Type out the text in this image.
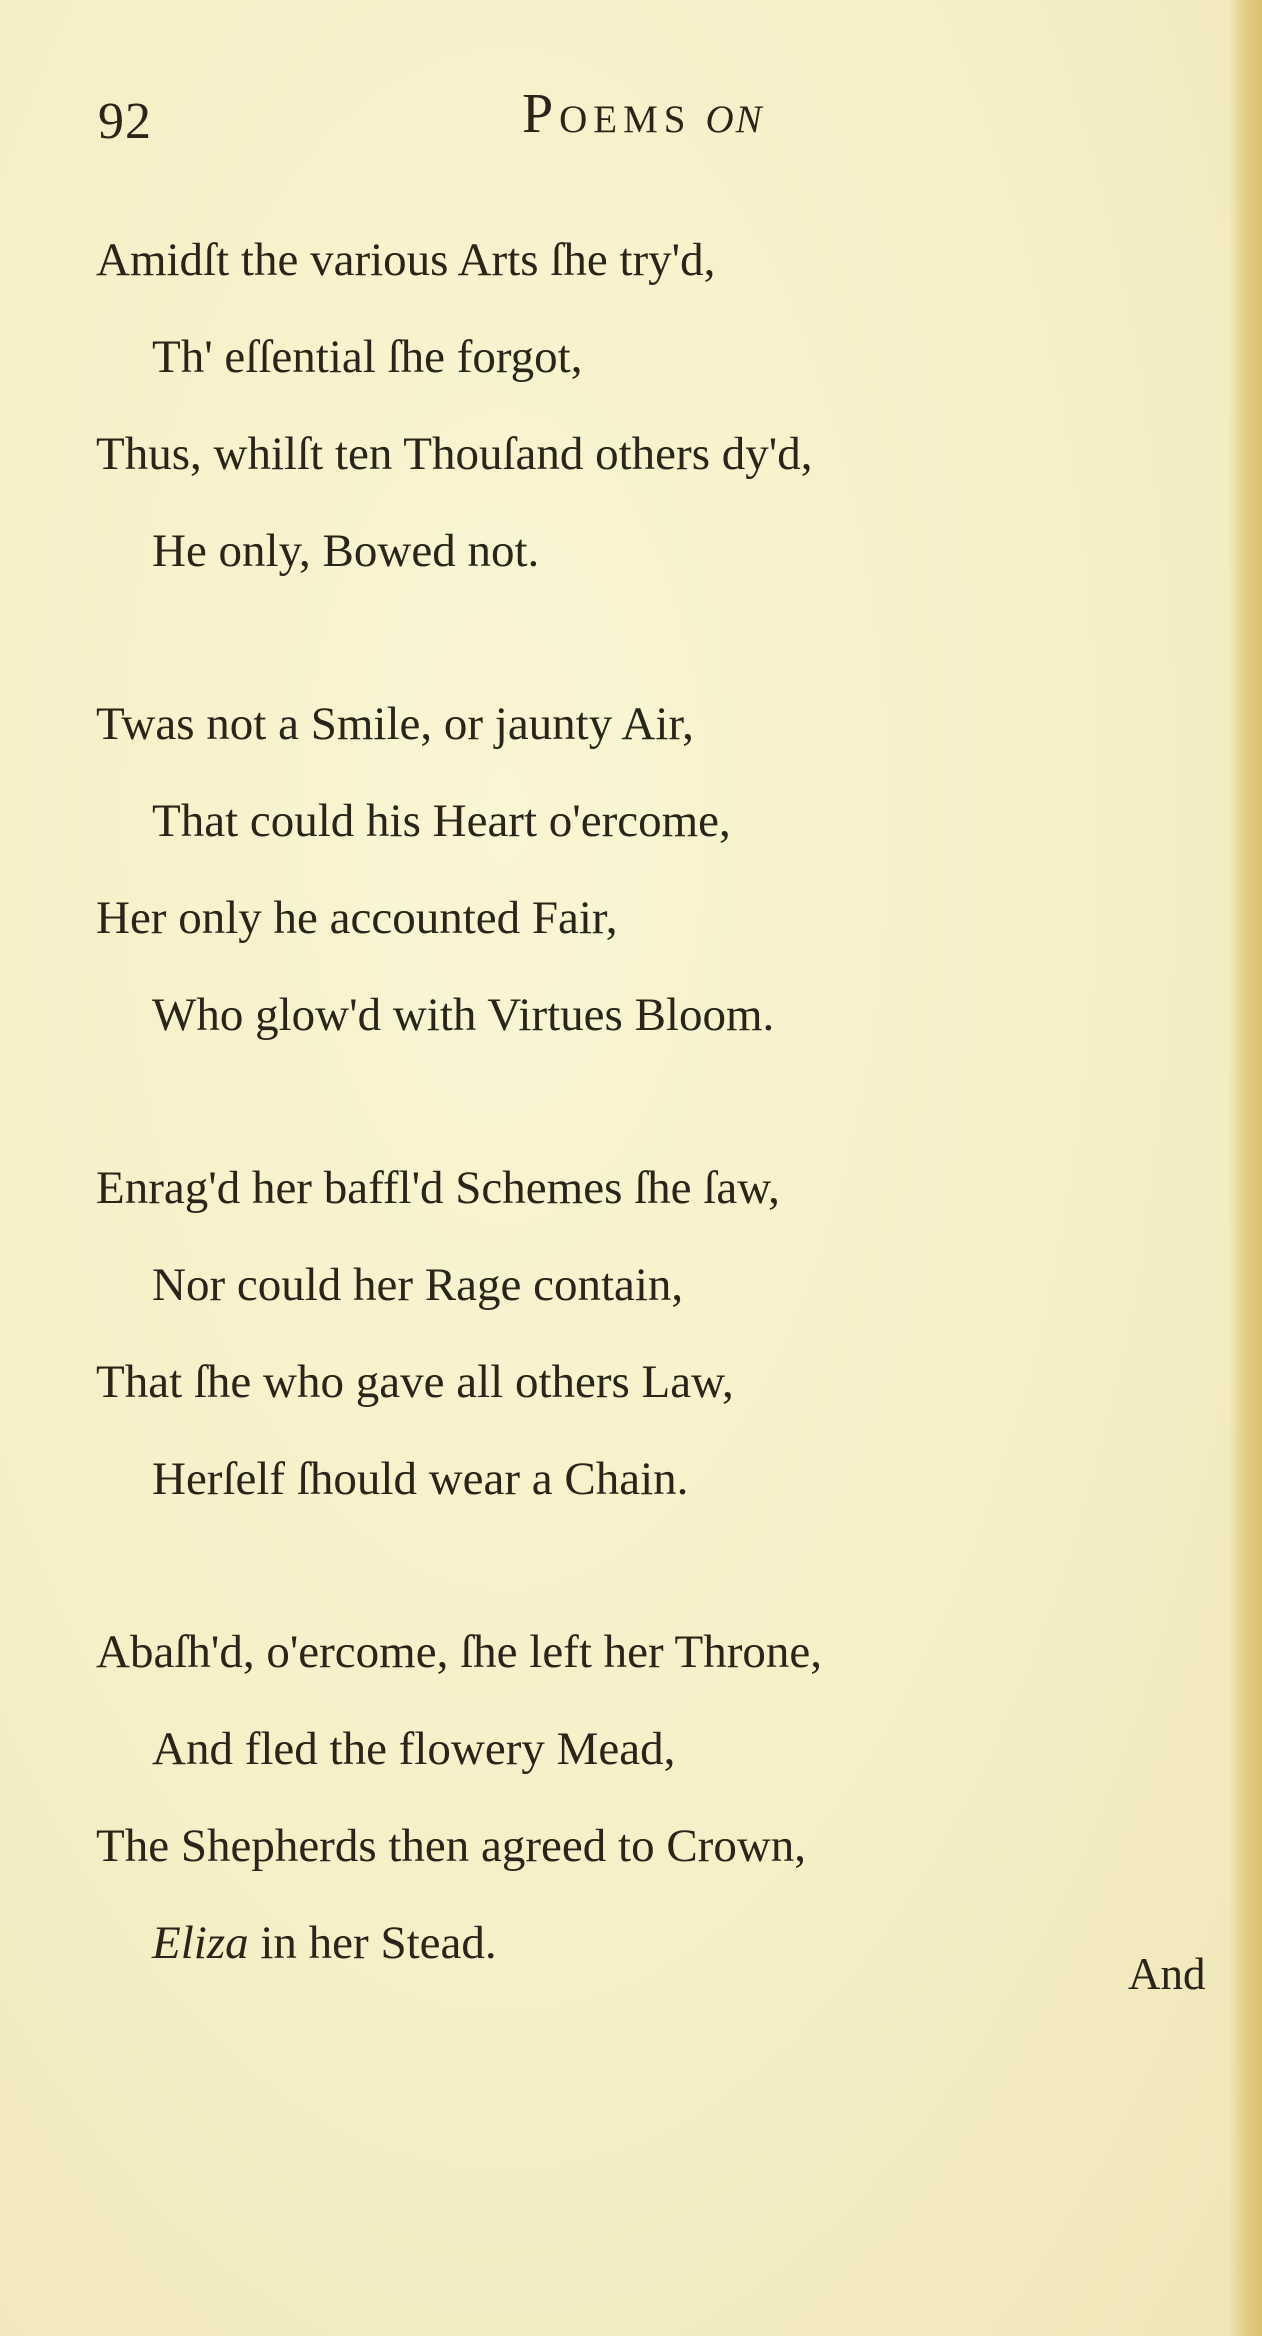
92	Poems on
Amidſt the various Arts ſhe try'd,
Th' eſſential ſhe forgot,
Thus, whilſt ten Thouſand others dy'd,
He only, Bowed not.
Twas not a Smile, or jaunty Air,
That could his Heart o'ercome,
Her only he accounted Fair,
Who glow'd with Virtues Bloom.
Enrag'd her baffl'd Schemes ſhe ſaw,
Nor could her Rage contain,
That ſhe who gave all others Law,
Herſelf ſhould wear a Chain.
Abaſh'd, o'ercome, ſhe left her Throne,
And fled the flowery Mead,
The Shepherds then agreed to Crown,
Eliza in her Stead.
And
